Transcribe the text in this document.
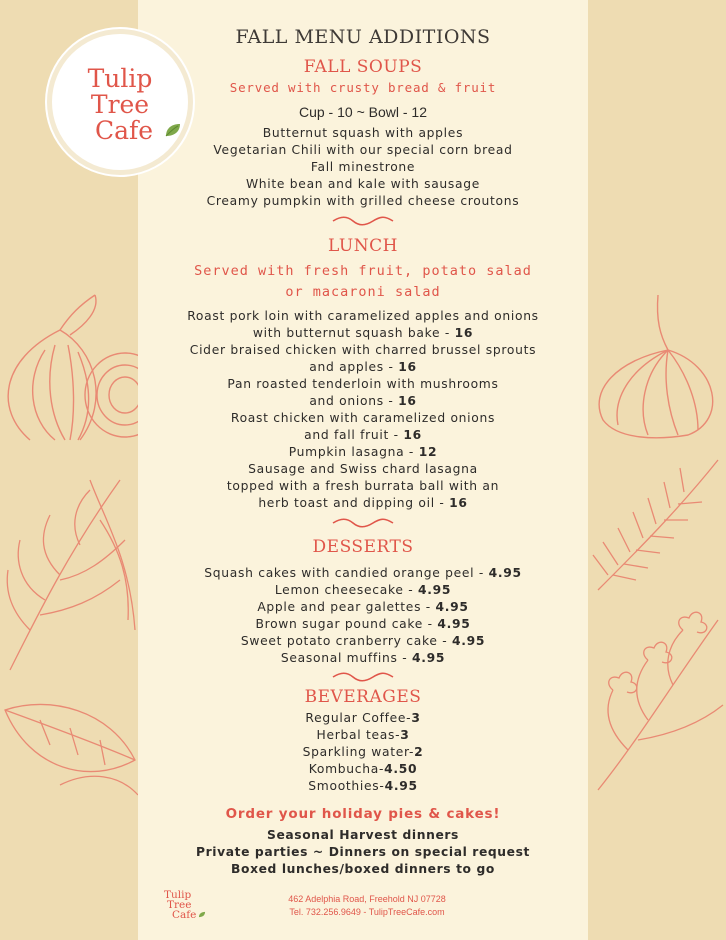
Tulip
Tree
Cafe
FALL MENU ADDITIONS
FALL SOUPS
Served with crusty bread & fruit
Cup - 10 ~ Bowl - 12
Butternut squash with apples
Vegetarian Chili with our special corn bread
Fall minestrone
White bean and kale with sausage
Creamy pumpkin with grilled cheese croutons
LUNCH
Served with fresh fruit, potato salad
or macaroni salad
Roast pork loin with caramelized apples and onions
with butternut squash bake - 16
Cider braised chicken with charred brussel sprouts
and apples - 16
Pan roasted tenderloin with mushrooms
and onions - 16
Roast chicken with caramelized onions
and fall fruit - 16
Pumpkin lasagna - 12
Sausage and Swiss chard lasagna
topped with a fresh burrata ball with an
herb toast and dipping oil - 16
DESSERTS
Squash cakes with candied orange peel - 4.95
Lemon cheesecake - 4.95
Apple and pear galettes - 4.95
Brown sugar pound cake - 4.95
Sweet potato cranberry cake - 4.95
Seasonal muffins - 4.95
BEVERAGES
Regular Coffee-3
Herbal teas-3
Sparkling water-2
Kombucha-4.50
Smoothies-4.95
Order your holiday pies & cakes!
Seasonal Harvest dinners
Private parties ~ Dinners on special request
Boxed lunches/boxed dinners to go
Tulip
Tree
Cafe
462 Adelphia Road, Freehold NJ 07728
Tel. 732.256.9649 - TulipTreeCafe.com
